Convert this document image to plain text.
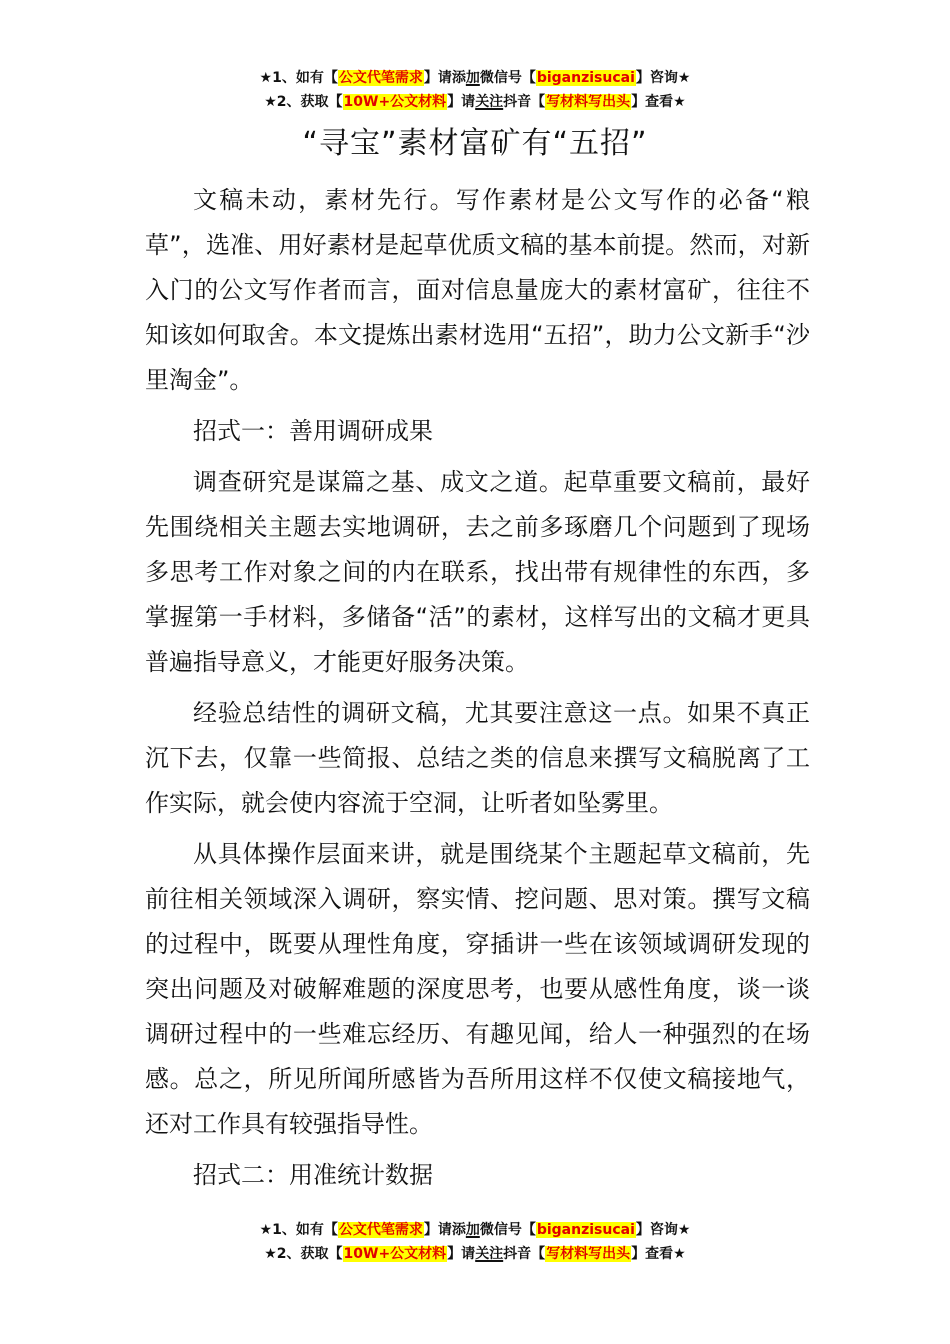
★1、如有【公文代笔需求】请添加微信号【biganzisucai】咨询★
★2、获取【10W+公文材料】请关注抖音【写材料写出头】查看★
“寻宝”素材富矿有“五招”

文稿未动，素材先行。写作素材是公文写作的必备“粮草”，选准、用好素材是起草优质文稿的基本前提。然而，对新入门的公文写作者而言，面对信息量庞大的素材富矿，往往不知该如何取舍。本文提炼出素材选用“五招”，助力公文新手“沙里淘金”。

招式一：善用调研成果

调查研究是谋篇之基、成文之道。起草重要文稿前，最好先围绕相关主题去实地调研，去之前多琢磨几个问题到了现场多思考工作对象之间的内在联系，找出带有规律性的东西，多掌握第一手材料，多储备“活”的素材，这样写出的文稿才更具普遍指导意义，才能更好服务决策。

经验总结性的调研文稿，尤其要注意这一点。如果不真正沉下去，仅靠一些简报、总结之类的信息来撰写文稿脱离了工作实际，就会使内容流于空洞，让听者如坠雾里。

从具体操作层面来讲，就是围绕某个主题起草文稿前，先前往相关领域深入调研，察实情、挖问题、思对策。撰写文稿的过程中，既要从理性角度，穿插讲一些在该领域调研发现的突出问题及对破解难题的深度思考，也要从感性角度，谈一谈调研过程中的一些难忘经历、有趣见闻，给人一种强烈的在场感。总之，所见所闻所感皆为吾所用这样不仅使文稿接地气，还对工作具有较强指导性。

招式二：用准统计数据

★1、如有【公文代笔需求】请添加微信号【biganzisucai】咨询★
★2、获取【10W+公文材料】请关注抖音【写材料写出头】查看★
